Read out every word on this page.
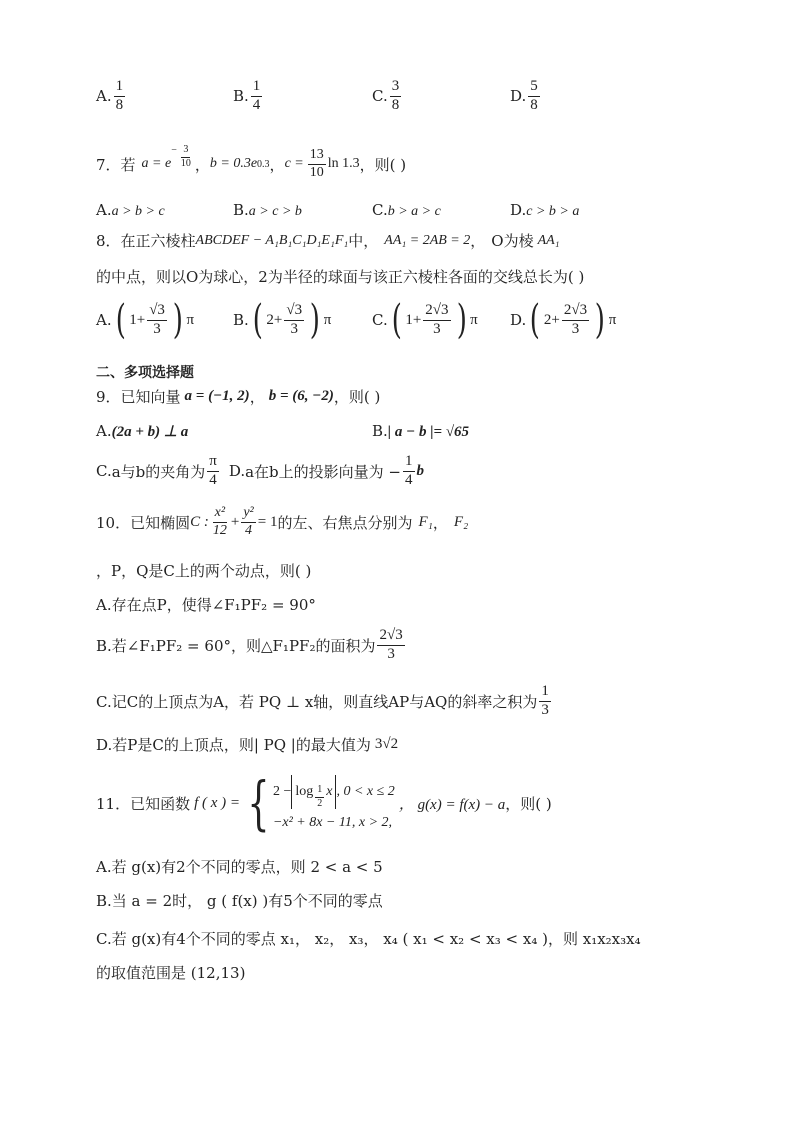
A. $\frac{1}{8}$	B. $\frac{1}{4}$	C. $\frac{3}{8}$	D. $\frac{5}{8}$
7．若 a = e
− $\frac{3}{10}$ ， b = 0.3e 0.3 ， $c = \frac{13}{10}$ ln 1.3 ，则( )
A.a > b > c	B.a > c > b	C.b > a > c	D.c > b > a
8．在正六棱柱 ABCDEF − A₁B₁C₁D₁E₁F₁ 中， AA₁ = 2AB = 2 ， O为棱 AA₁
的中点，则以O为球心，2为半径的球面与该正六棱柱各面的交线总长为( )
A. ( $1+ \frac{√3}{3}$ ) π	B. ( $2+ \frac{√3}{3}$ ) π	C. ( $1+ \frac{2√3}{3}$ ) π D. ( $2+ \frac{2√3}{3}$ ) π
二、多项选择题
9．已知向量 a = (−1, 2) ， b = (6, −2) ，则( )
A.(2a + b) ⊥ a	B.| a − b |= √65
C. a与b的夹角为 $\frac{\pi}{4} D$. a在b上的投影向量为 − $\frac{1}{4}$ b
10．已知椭圆 C : $\frac{\text{x²}}{12} + \frac{\text{y²}}{4} = 1$ 的左、右焦点分别为 F₁ ， F₂
，P，Q是C上的两个动点，则( )
A.存在点P，使得∠F₁PF₂ = 90°
B.若∠F₁PF₂ = 60°，则△F₁PF₂的面积为 $\frac{2√3}{3}$
C.记C的上顶点为A，若 PQ ⊥ x轴，则直线AP与AQ的斜率之积为 $\frac{1}{3}$
D.若P是C的上顶点，则| PQ |的最大值为 3√2
11．已知函数 f ( x ) = { $2 - \log \frac{1}{2}$ x , 0 < x ≤ 2
−x² + 8x − 11, x > 2,
， g(x) = f(x) − a ，则( )
A.若 g(x)有2个不同的零点，则 2 < a < 5
B.当 a = 2时， g ( f(x) )有5个不同的零点
C.若 g(x)有4个不同的零点 x₁， x₂， x₃， x₄ ( x₁ < x₂ < x₃ < x₄ )，则 x₁x₂x₃x₄
的取值范围是 (12,13)
